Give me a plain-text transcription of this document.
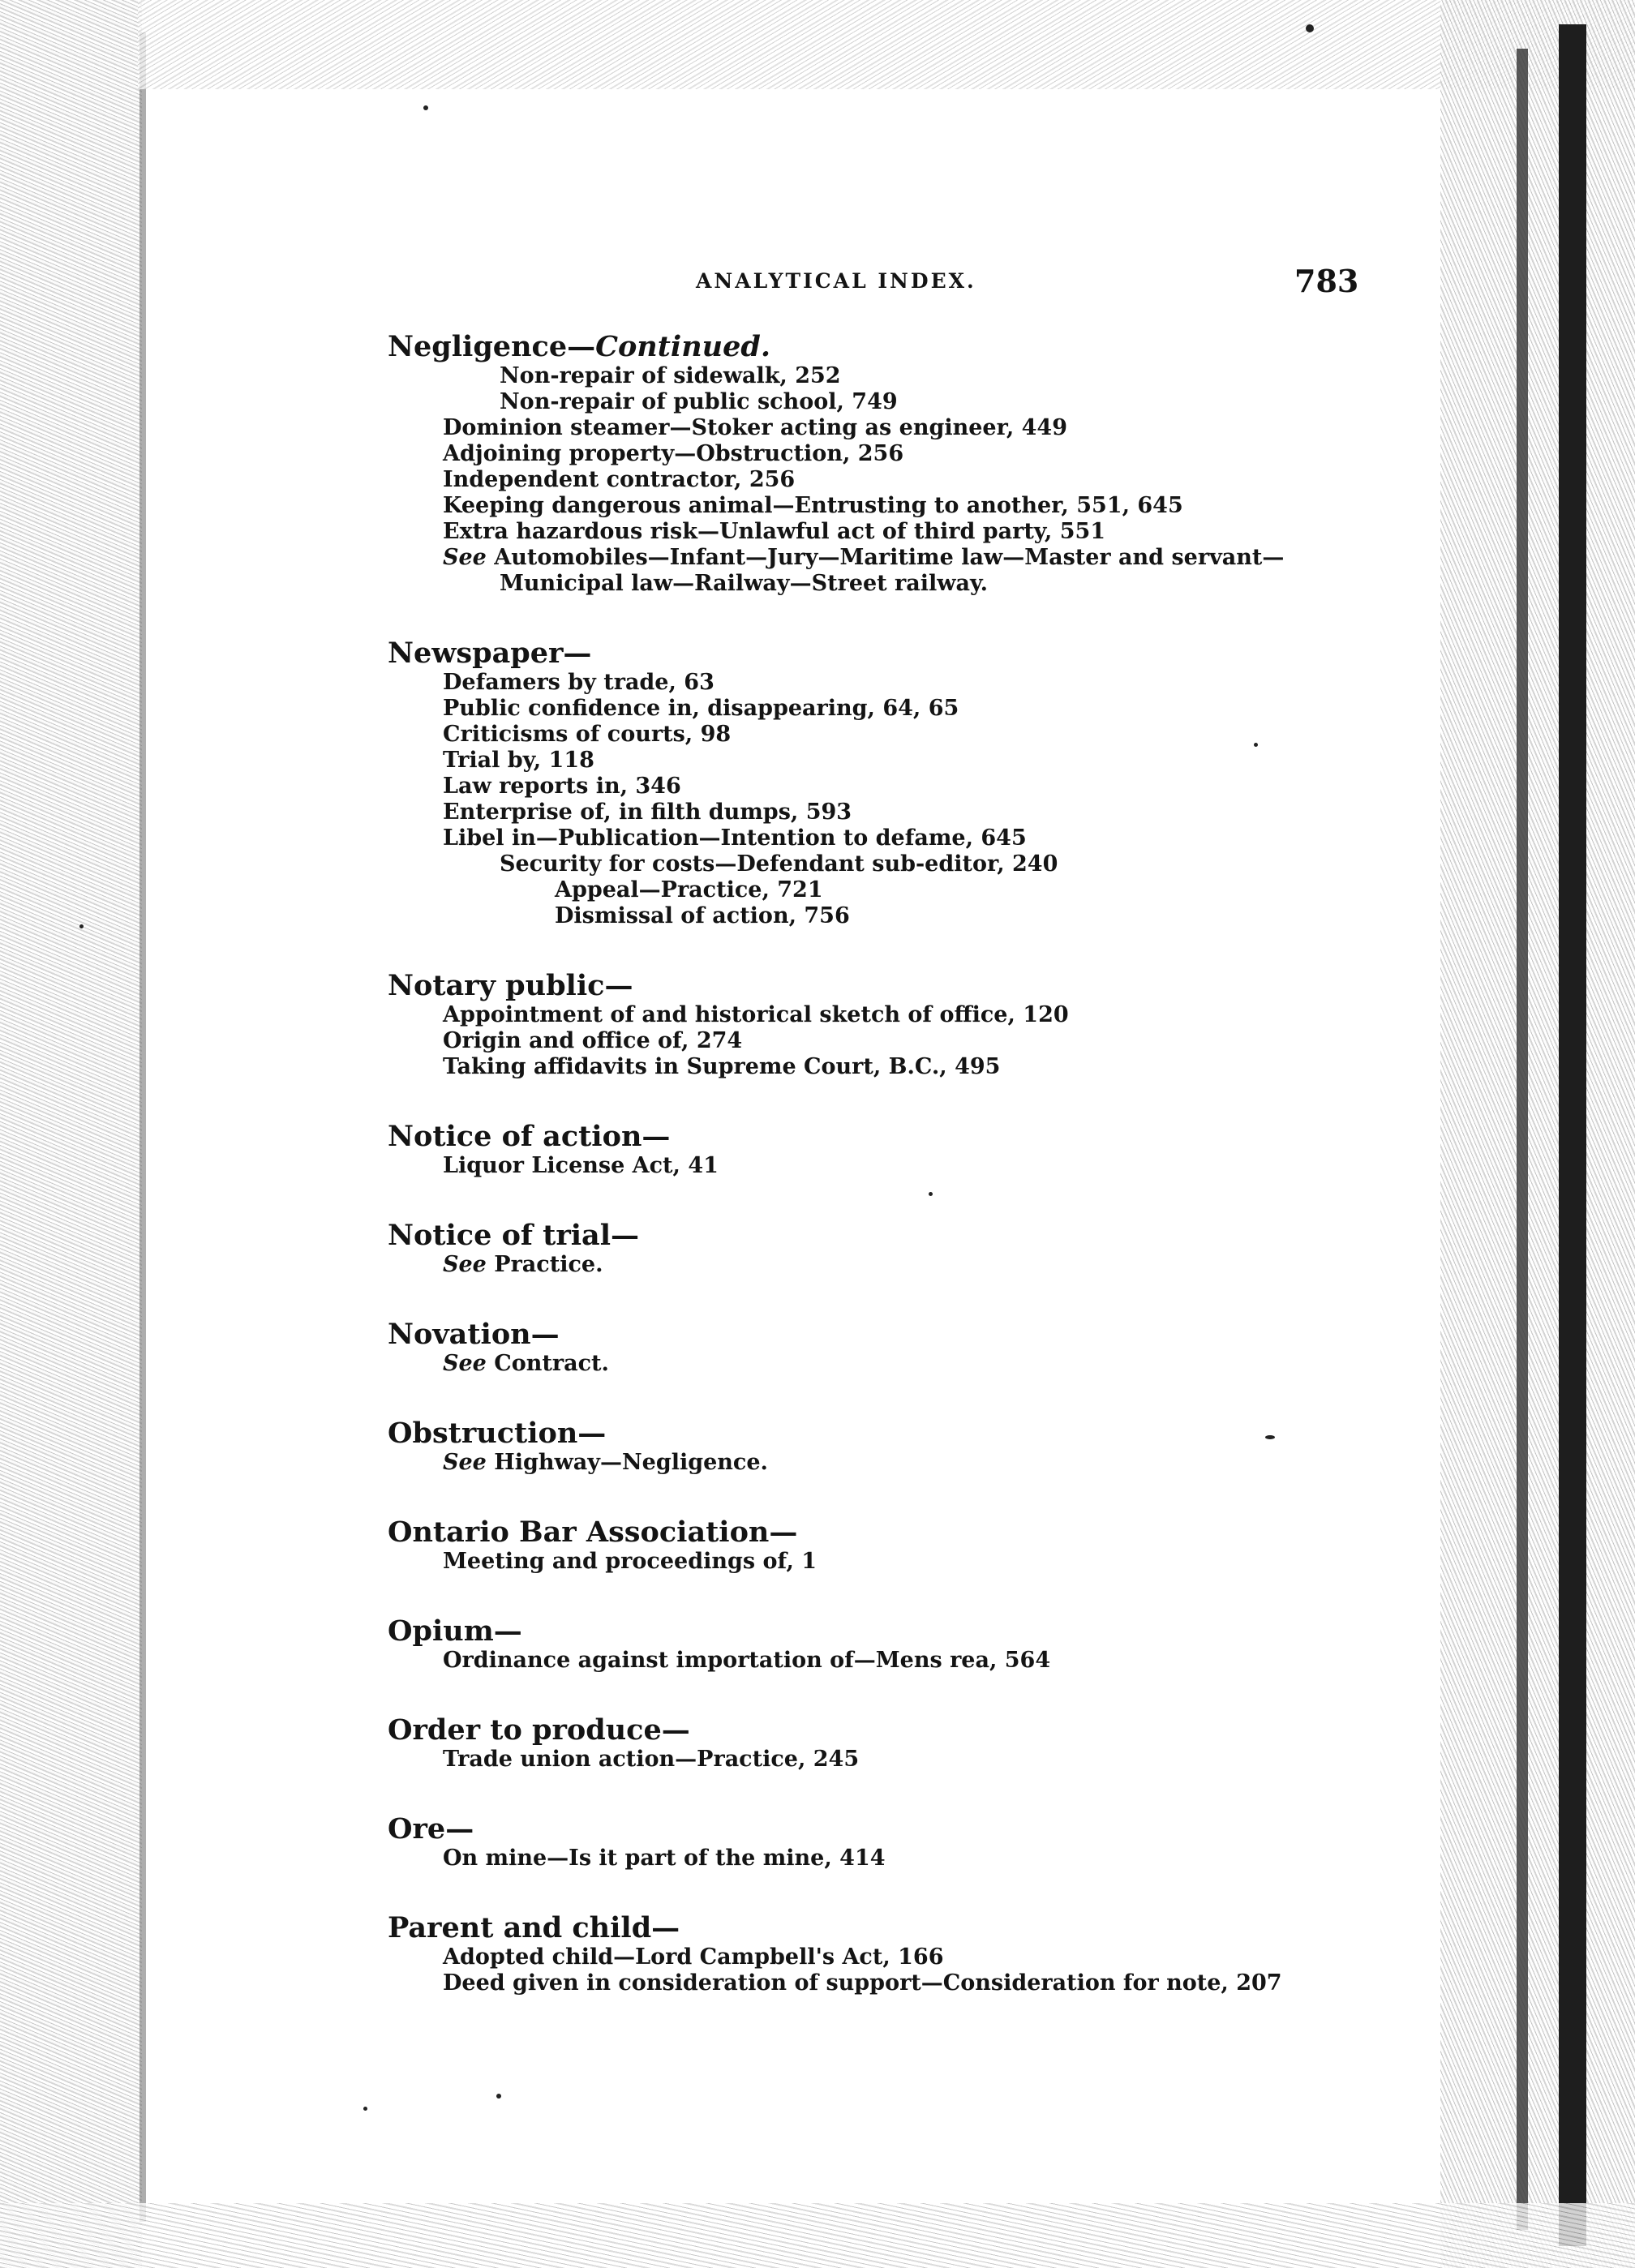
ANALYTICAL INDEX.	783
Negligence—Continued.
Non-repair of sidewalk, 252
Non-repair of public school, 749
Dominion steamer—Stoker acting as engineer, 449
Adjoining property—Obstruction, 256
Independent contractor, 256
Keeping dangerous animal—Entrusting to another, 551, 645
Extra hazardous risk—Unlawful act of third party, 551
See Automobiles—Infant—Jury—Maritime law—Master and servant—
Municipal law—Railway—Street railway.
Newspaper—
Defamers by trade, 63
Public confidence in, disappearing, 64, 65
Criticisms of courts, 98
Trial by, 118
Law reports in, 346
Enterprise of, in filth dumps, 593
Libel in—Publication—Intention to defame, 645
Security for costs—Defendant sub-editor, 240
Appeal—Practice, 721
Dismissal of action, 756
Notary public—
Appointment of and historical sketch of office, 120
Origin and office of, 274
Taking affidavits in Supreme Court, B.C., 495
Notice of action—
Liquor License Act, 41
Notice of trial—
See Practice.
Novation—
See Contract.
Obstruction—
See Highway—Negligence.
Ontario Bar Association—
Meeting and proceedings of, 1
Opium—
Ordinance against importation of—Mens rea, 564
Order to produce—
Trade union action—Practice, 245
Ore—
On mine—Is it part of the mine, 414
Parent and child—
Adopted child—Lord Campbell's Act, 166
Deed given in consideration of support—Consideration for note, 207
